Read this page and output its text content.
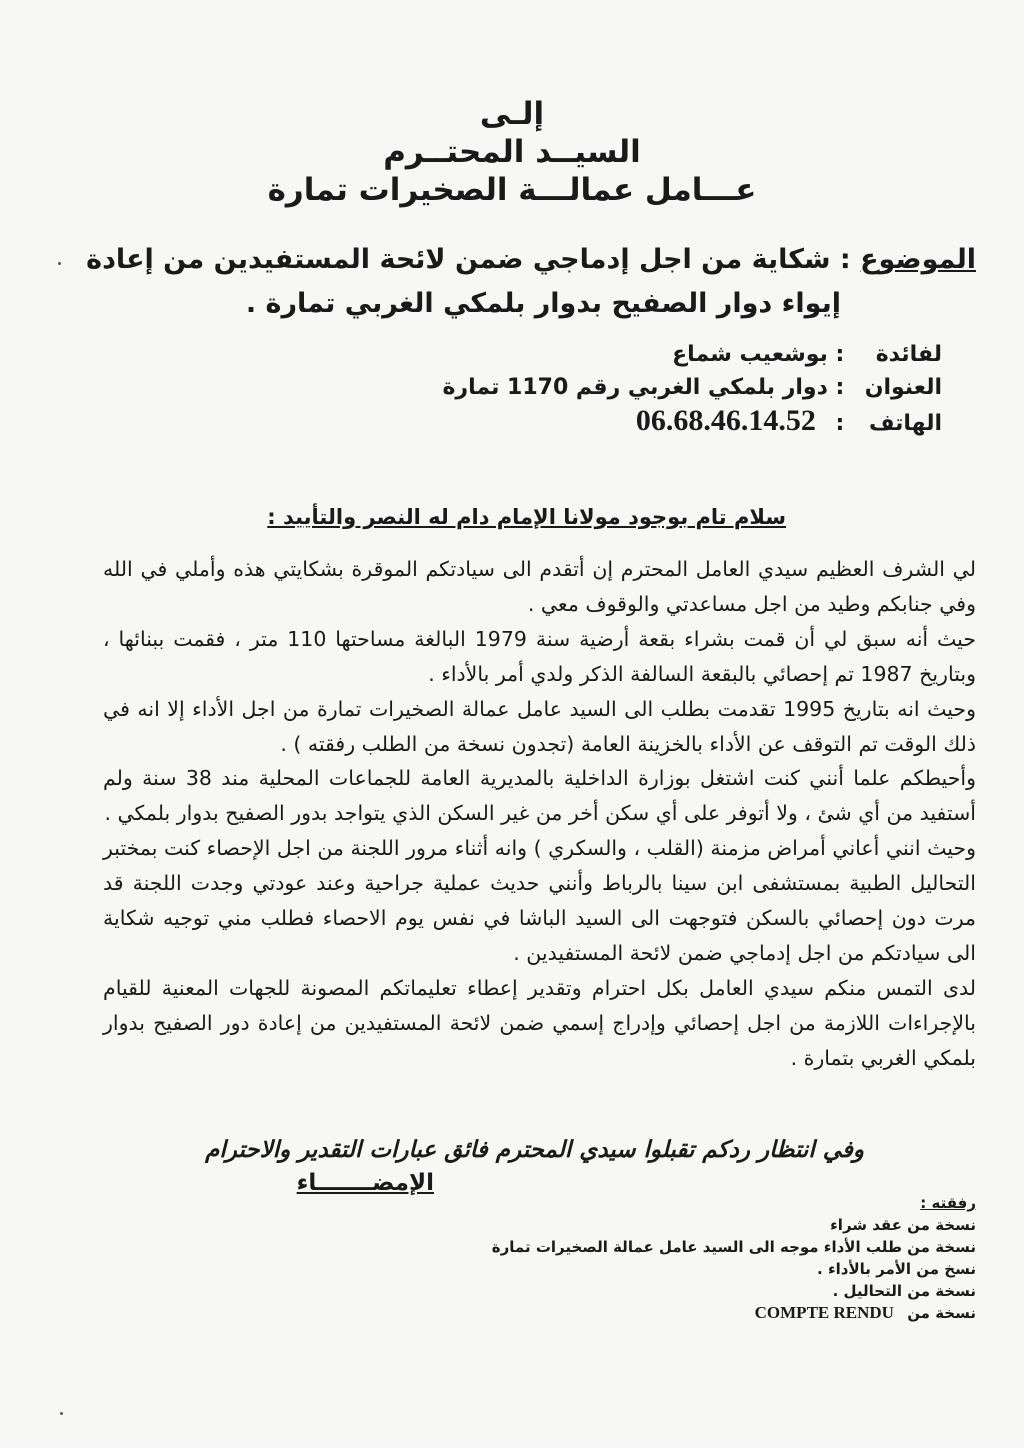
إلـى
السيــد المحتــرم
عـــامل عمالـــة الصخيرات تمارة
الموضوع : شكاية من اجل إدماجي ضمن لائحة المستفيدين من إعادة
إيواء دوار الصفيح بدوار بلمكي الغربي تمارة .
لفائدة : بوشعيب شماع
العنوان : دوار بلمكي الغربي رقم 1170 تمارة
الهاتف : 06.68.46.14.52
سلام تام بوجود مولانا الإمام دام له النصر والتأييد :

لي الشرف العظيم سيدي العامل المحترم إن أتقدم الى سيادتكم الموقرة بشكايتي هذه وأملي في الله وفي جنابكم وطيد من اجل مساعدتي والوقوف معي .

حيث أنه سبق لي أن قمت بشراء بقعة أرضية سنة 1979 البالغة مساحتها 110 متر ، فقمت ببنائها ، وبتاريخ 1987 تم إحصائي بالبقعة السالفة الذكر ولدي أمر بالأداء .

وحيث انه بتاريخ 1995 تقدمت بطلب الى السيد عامل عمالة الصخيرات تمارة من اجل الأداء إلا انه في ذلك الوقت تم التوقف عن الأداء بالخزينة العامة (تجدون نسخة من الطلب رفقته ) .

وأحيطكم علما أنني كنت اشتغل بوزارة الداخلية بالمديرية العامة للجماعات المحلية مند 38 سنة ولم أستفيد من أي شئ ، ولا أتوفر على أي سكن أخر من غير السكن الذي يتواجد بدور الصفيح بدوار بلمكي .

وحيث انني أعاني أمراض مزمنة (القلب ، والسكري ) وانه أثناء مرور اللجنة من اجل الإحصاء كنت بمختبر التحاليل الطبية بمستشفى ابن سينا بالرباط وأنني حديث عملية جراحية وعند عودتي وجدت اللجنة قد مرت دون إحصائي بالسكن فتوجهت الى السيد الباشا في نفس يوم الاحصاء فطلب مني توجيه شكاية الى سيادتكم من اجل إدماجي ضمن لائحة المستفيدين .

لدى التمس منكم سيدي العامل بكل احترام وتقدير إعطاء تعليماتكم المصونة للجهات المعنية للقيام بالإجراءات اللازمة من اجل إحصائي وإدراج إسمي ضمن لائحة المستفيدين من إعادة دور الصفيح بدوار بلمكي الغربي بتمارة .

وفي انتظار ردكم تقبلوا سيدي المحترم فائق عبارات التقدير والاحترام
الإمضـــــــاء
رفقته :
نسخة من عقد شراء
نسخة من طلب الأداء موجه الى السيد عامل عمالة الصخيرات تمارة
نسخ من الأمر بالأداء .
نسخة من التحاليل .
نسخة من COMPTE RENDU
